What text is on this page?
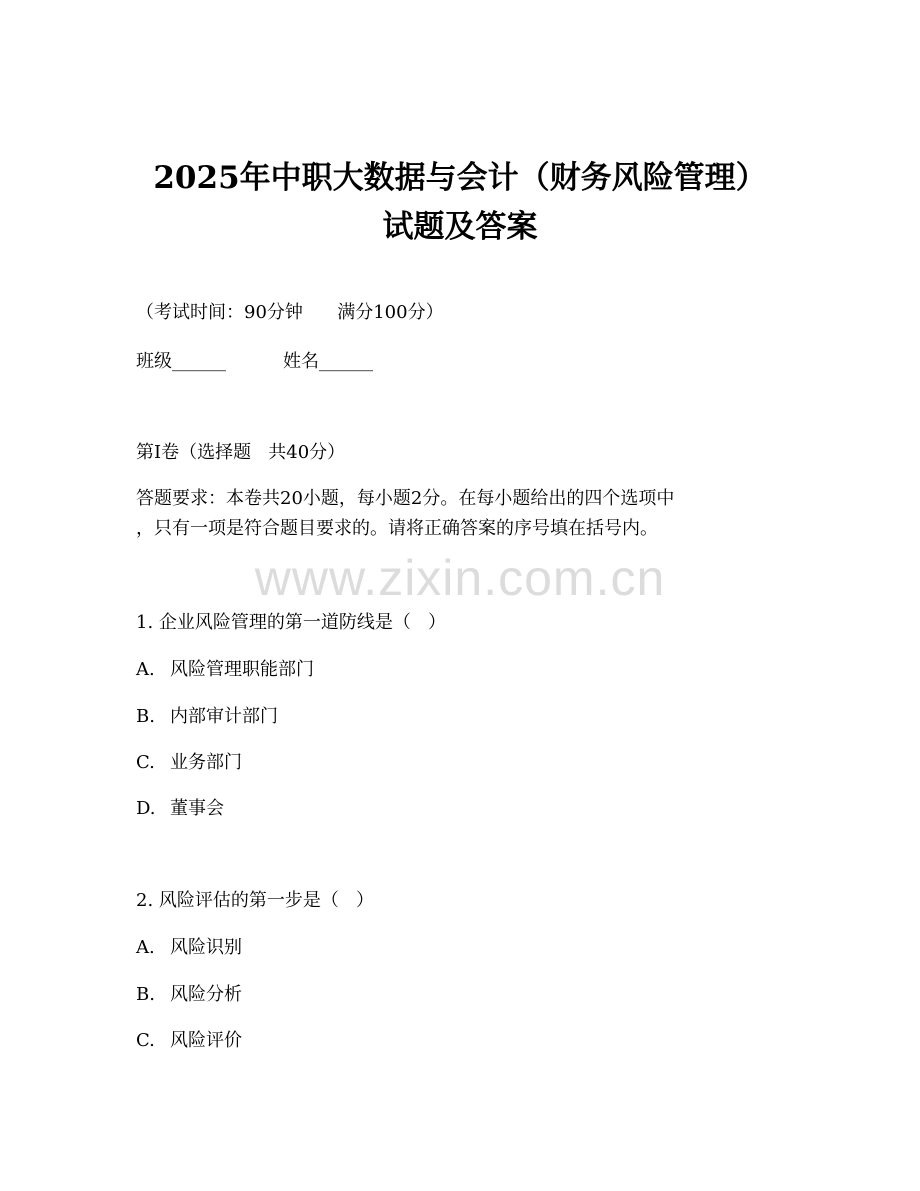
2025年中职大数据与会计（财务风险管理）
试题及答案
（考试时间：90分钟      满分100分）
班级______	姓名______
第I卷（选择题   共40分）
答题要求：本卷共20小题，每小题2分。在每小题给出的四个选项中
，只有一项是符合题目要求的。请将正确答案的序号填在括号内。
www.zixin.com.cn
1. 企业风险管理的第一道防线是（   ）
A. 风险管理职能部门
B. 内部审计部门
C. 业务部门
D. 董事会
2. 风险评估的第一步是（   ）
A. 风险识别
B. 风险分析
C. 风险评价
